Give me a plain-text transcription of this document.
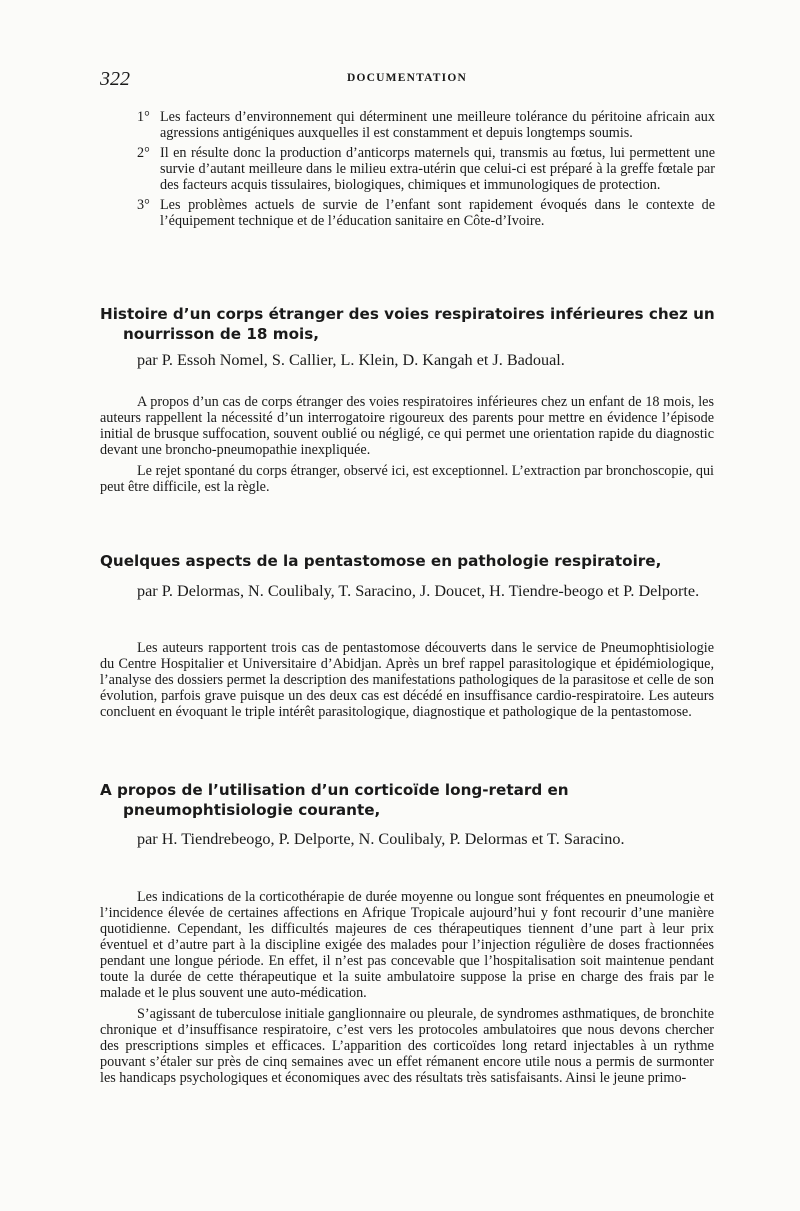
322	DOCUMENTATION
1° Les facteurs d’environnement qui déterminent une meilleure tolérance du péritoine africain aux agressions antigéniques auxquelles il est constamment et depuis longtemps soumis.
2° Il en résulte donc la production d’anticorps maternels qui, transmis au fœtus, lui permettent une survie d’autant meilleure dans le milieu extra-utérin que celui-ci est préparé à la greffe fœtale par des facteurs acquis tissulaires, biologiques, chimiques et immunologiques de protection.
3° Les problèmes actuels de survie de l’enfant sont rapidement évoqués dans le contexte de l’équipement technique et de l’éducation sanitaire en Côte-d’Ivoire.
Histoire d’un corps étranger des voies respiratoires inférieures chez un nourrisson de 18 mois,
par P. Essoh Nomel, S. Callier, L. Klein, D. Kangah et J. Badoual.

A propos d’un cas de corps étranger des voies respiratoires inférieures chez un enfant de 18 mois, les auteurs rappellent la nécessité d’un interrogatoire rigoureux des parents pour mettre en évidence l’épisode initial de brusque suffocation, souvent oublié ou négligé, ce qui permet une orientation rapide du diagnostic devant une broncho-pneumopathie inexpliquée.

Le rejet spontané du corps étranger, observé ici, est exceptionnel. L’extraction par bronchoscopie, qui peut être difficile, est la règle.

Quelques aspects de la pentastomose en pathologie respiratoire,
par P. Delormas, N. Coulibaly, T. Saracino, J. Doucet, H. Tiendre-beogo et P. Delporte.

Les auteurs rapportent trois cas de pentastomose découverts dans le service de Pneumophtisiologie du Centre Hospitalier et Universitaire d’Abidjan. Après un bref rappel parasitologique et épidémiologique, l’analyse des dossiers permet la description des manifestations pathologiques de la parasitose et celle de son évolution, parfois grave puisque un des deux cas est décédé en insuffisance cardio-respiratoire. Les auteurs concluent en évoquant le triple intérêt parasitologique, diagnostique et pathologique de la pentastomose.

A propos de l’utilisation d’un corticoïde long-retard en pneumophtisiologie courante,
par H. Tiendrebeogo, P. Delporte, N. Coulibaly, P. Delormas et T. Saracino.

Les indications de la corticothérapie de durée moyenne ou longue sont fréquentes en pneumologie et l’incidence élevée de certaines affections en Afrique Tropicale aujourd’hui y font recourir d’une manière quotidienne. Cependant, les difficultés majeures de ces thérapeutiques tiennent d’une part à leur prix éventuel et d’autre part à la discipline exigée des malades pour l’injection régulière de doses fractionnées pendant une longue période. En effet, il n’est pas concevable que l’hospitalisation soit maintenue pendant toute la durée de cette thérapeutique et la suite ambulatoire suppose la prise en charge des frais par le malade et le plus souvent une auto-médication.

S’agissant de tuberculose initiale ganglionnaire ou pleurale, de syndromes asthmatiques, de bronchite chronique et d’insuffisance respiratoire, c’est vers les protocoles ambulatoires que nous devons chercher des prescriptions simples et efficaces. L’apparition des corticoïdes long retard injectables à un rythme pouvant s’étaler sur près de cinq semaines avec un effet rémanent encore utile nous a permis de surmonter les handicaps psychologiques et économiques avec des résultats très satisfaisants. Ainsi le jeune primo-
